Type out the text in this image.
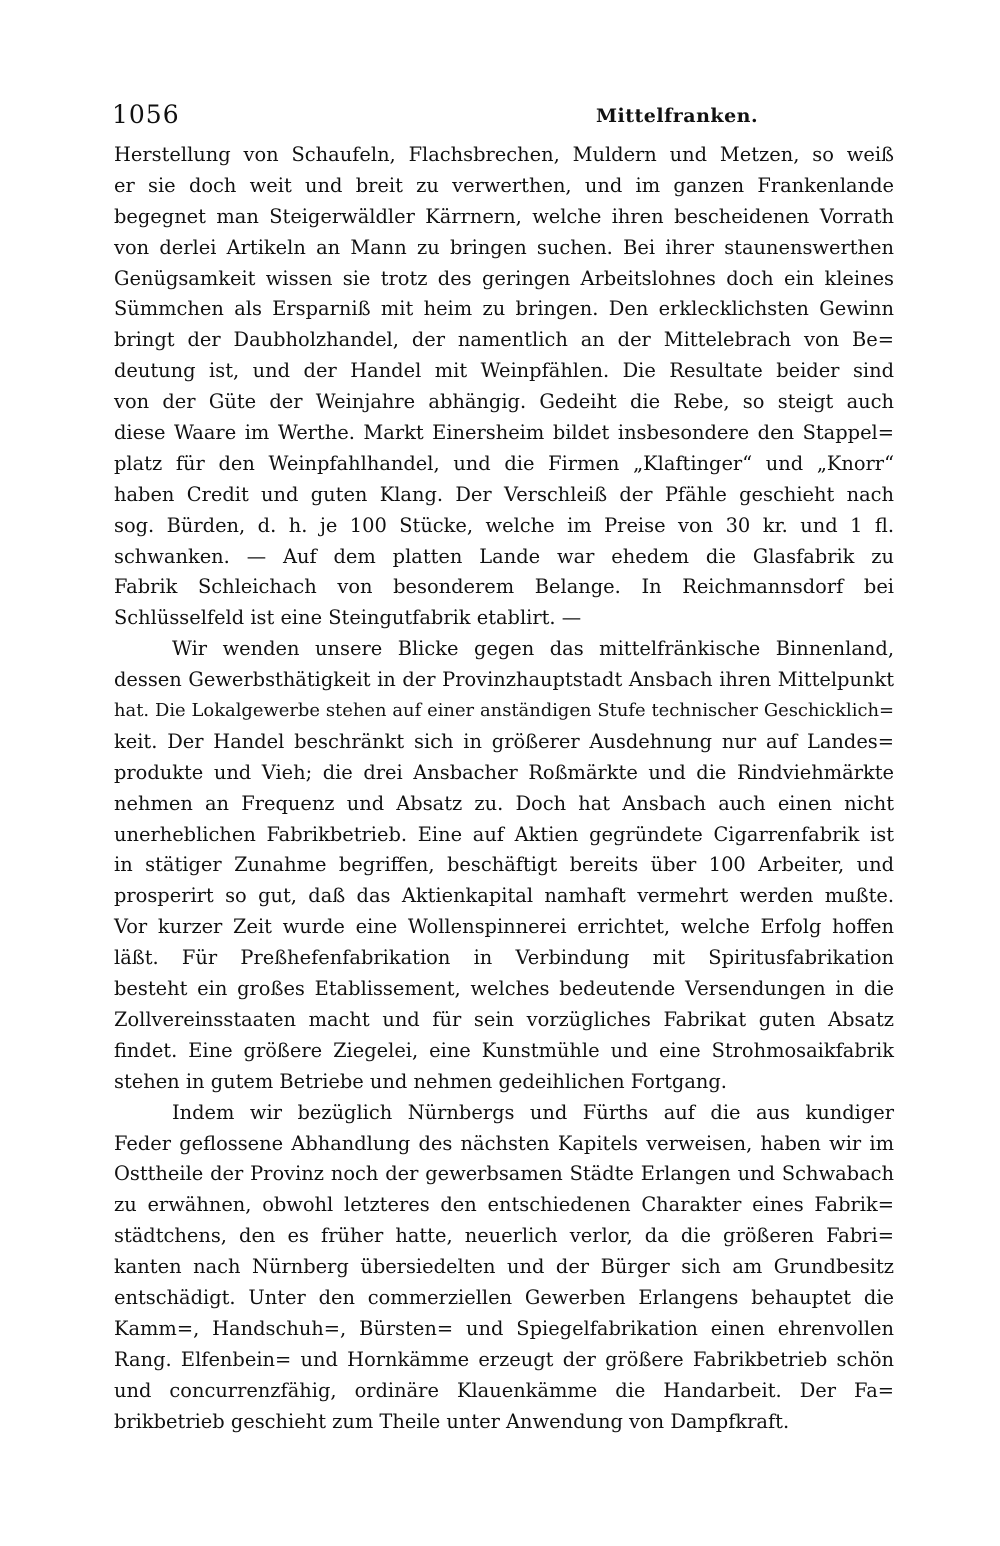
1056	Mittelfranken.
Herstellung von Schaufeln, Flachsbrechen, Muldern und Metzen, so weiß
er sie doch weit und breit zu verwerthen, und im ganzen Frankenlande
begegnet man Steigerwäldler Kärrnern, welche ihren bescheidenen Vorrath
von derlei Artikeln an Mann zu bringen suchen. Bei ihrer staunenswerthen
Genügsamkeit wissen sie trotz des geringen Arbeitslohnes doch ein kleines
Sümmchen als Ersparniß mit heim zu bringen. Den erklecklichsten Gewinn
bringt der Daubholzhandel, der namentlich an der Mittelebrach von Be=
deutung ist, und der Handel mit Weinpfählen. Die Resultate beider sind
von der Güte der Weinjahre abhängig. Gedeiht die Rebe, so steigt auch
diese Waare im Werthe. Markt Einersheim bildet insbesondere den Stappel=
platz für den Weinpfahlhandel, und die Firmen „Klaftinger“ und „Knorr“
haben Credit und guten Klang. Der Verschleiß der Pfähle geschieht nach
sog. Bürden, d. h. je 100 Stücke, welche im Preise von 30 kr. und 1 fl.
schwanken. — Auf dem platten Lande war ehedem die Glasfabrik zu
Fabrik Schleichach von besonderem Belange. In Reichmannsdorf bei
Schlüsselfeld ist eine Steingutfabrik etablirt. —
Wir wenden unsere Blicke gegen das mittelfränkische Binnenland,
dessen Gewerbsthätigkeit in der Provinzhauptstadt Ansbach ihren Mittelpunkt
hat. Die Lokalgewerbe stehen auf einer anständigen Stufe technischer Geschicklich=
keit. Der Handel beschränkt sich in größerer Ausdehnung nur auf Landes=
produkte und Vieh; die drei Ansbacher Roßmärkte und die Rindviehmärkte
nehmen an Frequenz und Absatz zu. Doch hat Ansbach auch einen nicht
unerheblichen Fabrikbetrieb. Eine auf Aktien gegründete Cigarrenfabrik ist
in stätiger Zunahme begriffen, beschäftigt bereits über 100 Arbeiter, und
prosperirt so gut, daß das Aktienkapital namhaft vermehrt werden mußte.
Vor kurzer Zeit wurde eine Wollenspinnerei errichtet, welche Erfolg hoffen
läßt. Für Preßhefenfabrikation in Verbindung mit Spiritusfabrikation
besteht ein großes Etablissement, welches bedeutende Versendungen in die
Zollvereinsstaaten macht und für sein vorzügliches Fabrikat guten Absatz
findet. Eine größere Ziegelei, eine Kunstmühle und eine Strohmosaikfabrik
stehen in gutem Betriebe und nehmen gedeihlichen Fortgang.
Indem wir bezüglich Nürnbergs und Fürths auf die aus kundiger
Feder geflossene Abhandlung des nächsten Kapitels verweisen, haben wir im
Osttheile der Provinz noch der gewerbsamen Städte Erlangen und Schwabach
zu erwähnen, obwohl letzteres den entschiedenen Charakter eines Fabrik=
städtchens, den es früher hatte, neuerlich verlor, da die größeren Fabri=
kanten nach Nürnberg übersiedelten und der Bürger sich am Grundbesitz
entschädigt. Unter den commerziellen Gewerben Erlangens behauptet die
Kamm=, Handschuh=, Bürsten= und Spiegelfabrikation einen ehrenvollen
Rang. Elfenbein= und Hornkämme erzeugt der größere Fabrikbetrieb schön
und concurrenzfähig, ordinäre Klauenkämme die Handarbeit. Der Fa=
brikbetrieb geschieht zum Theile unter Anwendung von Dampfkraft.
